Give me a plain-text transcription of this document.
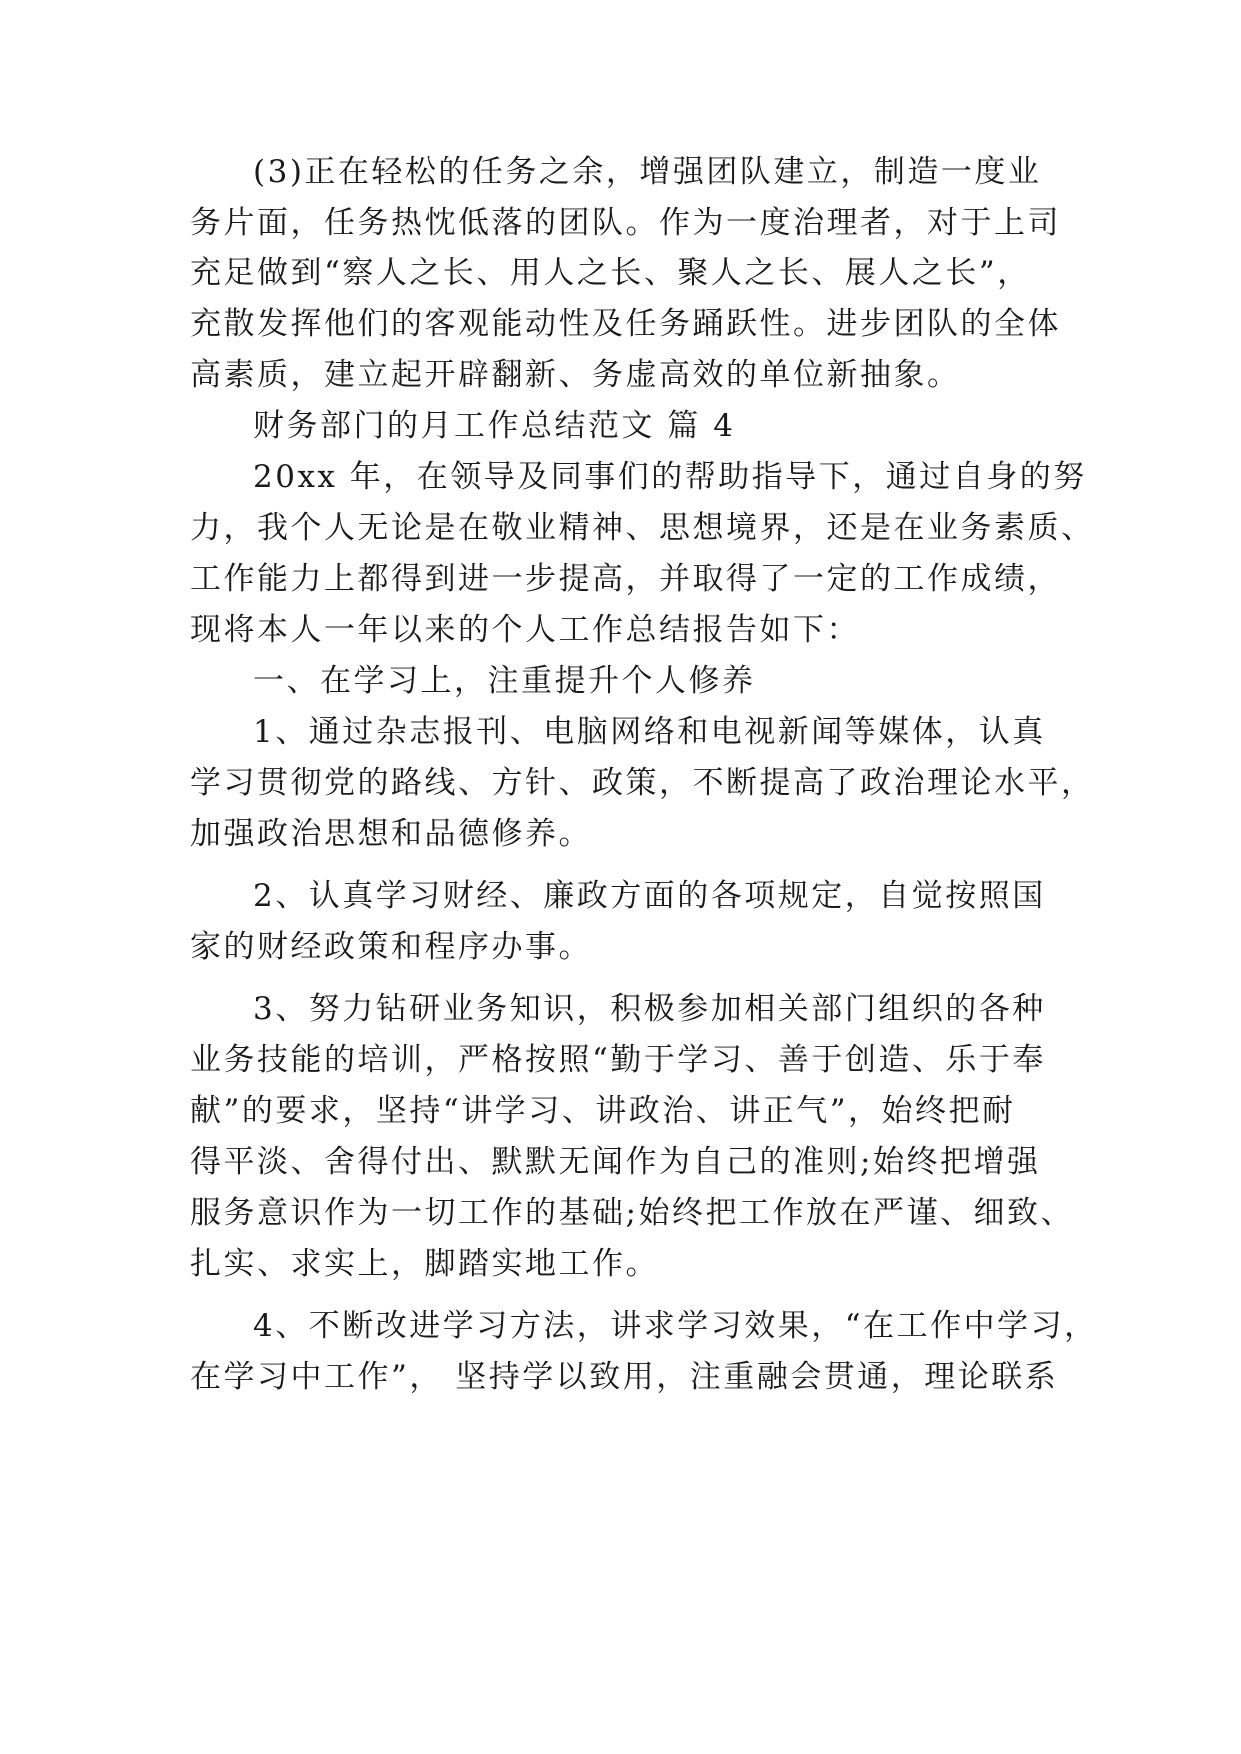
(3)正在轻松的任务之余，增强团队建立，制造一度业
务片面，任务热忱低落的团队。作为一度治理者，对于上司
充足做到“察人之长、用人之长、聚人之长、展人之长”，
充散发挥他们的客观能动性及任务踊跃性。进步团队的全体
高素质，建立起开辟翻新、务虚高效的单位新抽象。
财务部门的月工作总结范文 篇 4
20xx 年，在领导及同事们的帮助指导下，通过自身的努
力，我个人无论是在敬业精神、思想境界，还是在业务素质、
工作能力上都得到进一步提高，并取得了一定的工作成绩，
现将本人一年以来的个人工作总结报告如下：
一、在学习上，注重提升个人修养
1、通过杂志报刊、电脑网络和电视新闻等媒体，认真
学习贯彻党的路线、方针、政策，不断提高了政治理论水平，
加强政治思想和品德修养。
2、认真学习财经、廉政方面的各项规定，自觉按照国
家的财经政策和程序办事。
3、努力钻研业务知识，积极参加相关部门组织的各种
业务技能的培训，严格按照“勤于学习、善于创造、乐于奉
献”的要求，坚持“讲学习、讲政治、讲正气”，始终把耐
得平淡、舍得付出、默默无闻作为自己的准则;始终把增强
服务意识作为一切工作的基础;始终把工作放在严谨、细致、
扎实、求实上，脚踏实地工作。
4、不断改进学习方法，讲求学习效果，“在工作中学习，
在学习中工作”， 坚持学以致用，注重融会贯通，理论联系
